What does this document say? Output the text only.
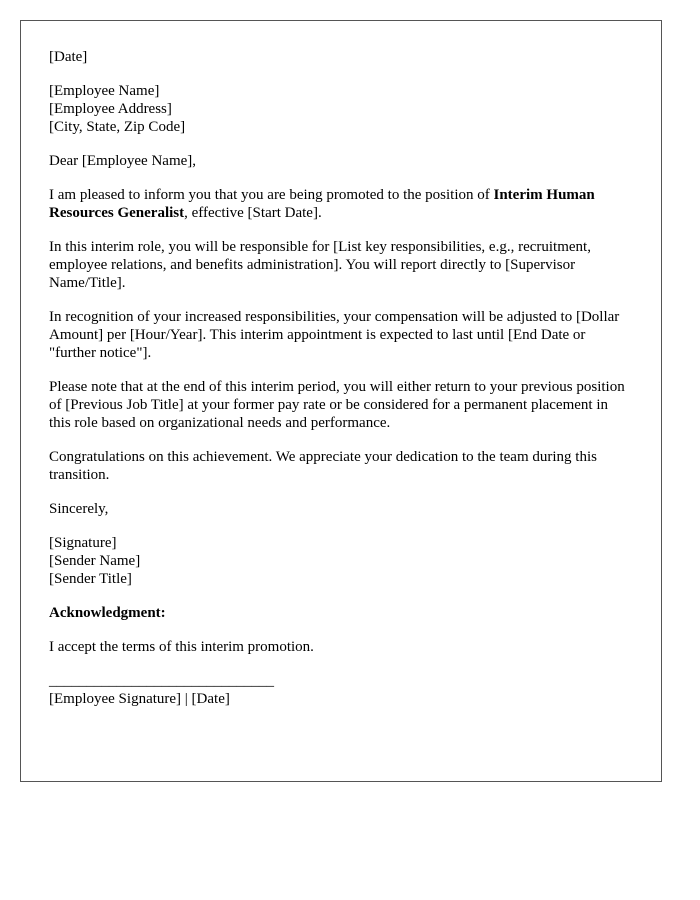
[Date]

[Employee Name]
[Employee Address]
[City, State, Zip Code]

Dear [Employee Name],

I am pleased to inform you that you are being promoted to the position of Interim Human Resources Generalist, effective [Start Date].

In this interim role, you will be responsible for [List key responsibilities, e.g., recruitment, employee relations, and benefits administration]. You will report directly to [Supervisor Name/Title].

In recognition of your increased responsibilities, your compensation will be adjusted to [Dollar Amount] per [Hour/Year]. This interim appointment is expected to last until [End Date or "further notice"].

Please note that at the end of this interim period, you will either return to your previous position of [Previous Job Title] at your former pay rate or be considered for a permanent placement in this role based on organizational needs and performance.

Congratulations on this achievement. We appreciate your dedication to the team during this transition.

Sincerely,

[Signature]
[Sender Name]
[Sender Title]

Acknowledgment:

I accept the terms of this interim promotion.

______________________________
[Employee Signature] | [Date]
